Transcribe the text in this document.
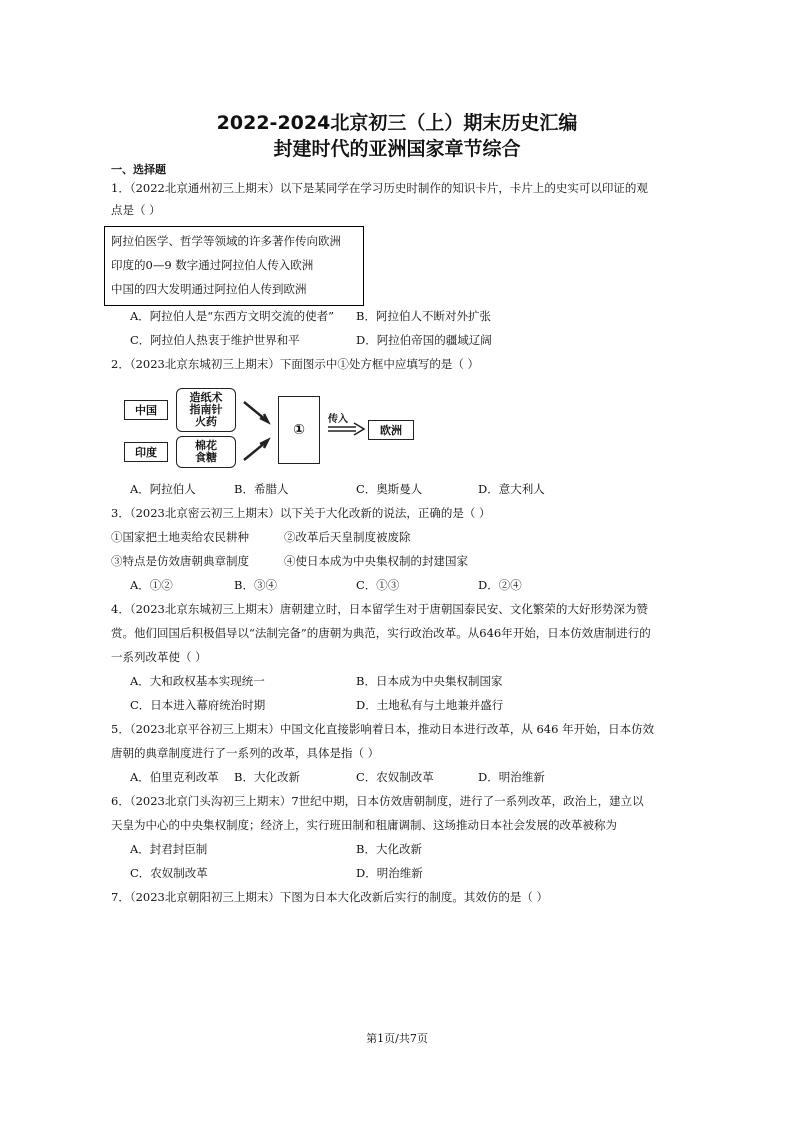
2022-2024北京初三（上）期末历史汇编
封建时代的亚洲国家章节综合
一、选择题
1．（2022北京通州初三上期末）以下是某同学在学习历史时制作的知识卡片，卡片上的史实可以印证的观
点是（ ）
阿拉伯医学、哲学等领域的许多著作传向欧洲
印度的0—9 数字通过阿拉伯人传入欧洲
中国的四大发明通过阿拉伯人传到欧洲
A．阿拉伯人是“东西方文明交流的使者” B．阿拉伯人不断对外扩张
C．阿拉伯人热衷于维护世界和平	D．阿拉伯帝国的疆域辽阔
2．（2023北京东城初三上期末）下面图示中①处方框中应填写的是（ ）
中国
造纸术
指南针
火药
印度
棉花
食糖
①
传入
欧洲
A．阿拉伯人	B．希腊人	C．奥斯曼人	D．意大利人
3．（2023北京密云初三上期末）以下关于大化改新的说法，正确的是（ ）
①国家把土地卖给农民耕种	②改革后天皇制度被废除
③特点是仿效唐朝典章制度	④使日本成为中央集权制的封建国家
A．①②	B．③④	C．①③	D．②④
4．（2023北京东城初三上期末）唐朝建立时，日本留学生对于唐朝国泰民安、文化繁荣的大好形势深为赞
赏。他们回国后积极倡导以“法制完备”的唐朝为典范，实行政治改革。从646年开始，日本仿效唐制进行的
一系列改革使（ ）
A．大和政权基本实现统一	B．日本成为中央集权制国家
C．日本进入幕府统治时期	D．土地私有与土地兼并盛行
5．（2023北京平谷初三上期末）中国文化直接影响着日本，推动日本进行改革，从 646 年开始，日本仿效
唐朝的典章制度进行了一系列的改革，具体是指（ ）
A．伯里克利改革 B．大化改新	C．农奴制改革	D．明治维新
6．（2023北京门头沟初三上期末）7世纪中期，日本仿效唐朝制度，进行了一系列改革，政治上，建立以
天皇为中心的中央集权制度；经济上，实行班田制和租庸调制、这场推动日本社会发展的改革被称为
A．封君封臣制	B．大化改新
C．农奴制改革	D．明治维新
7．（2023北京朝阳初三上期末）下图为日本大化改新后实行的制度。其效仿的是（ ）
第1页/共7页
